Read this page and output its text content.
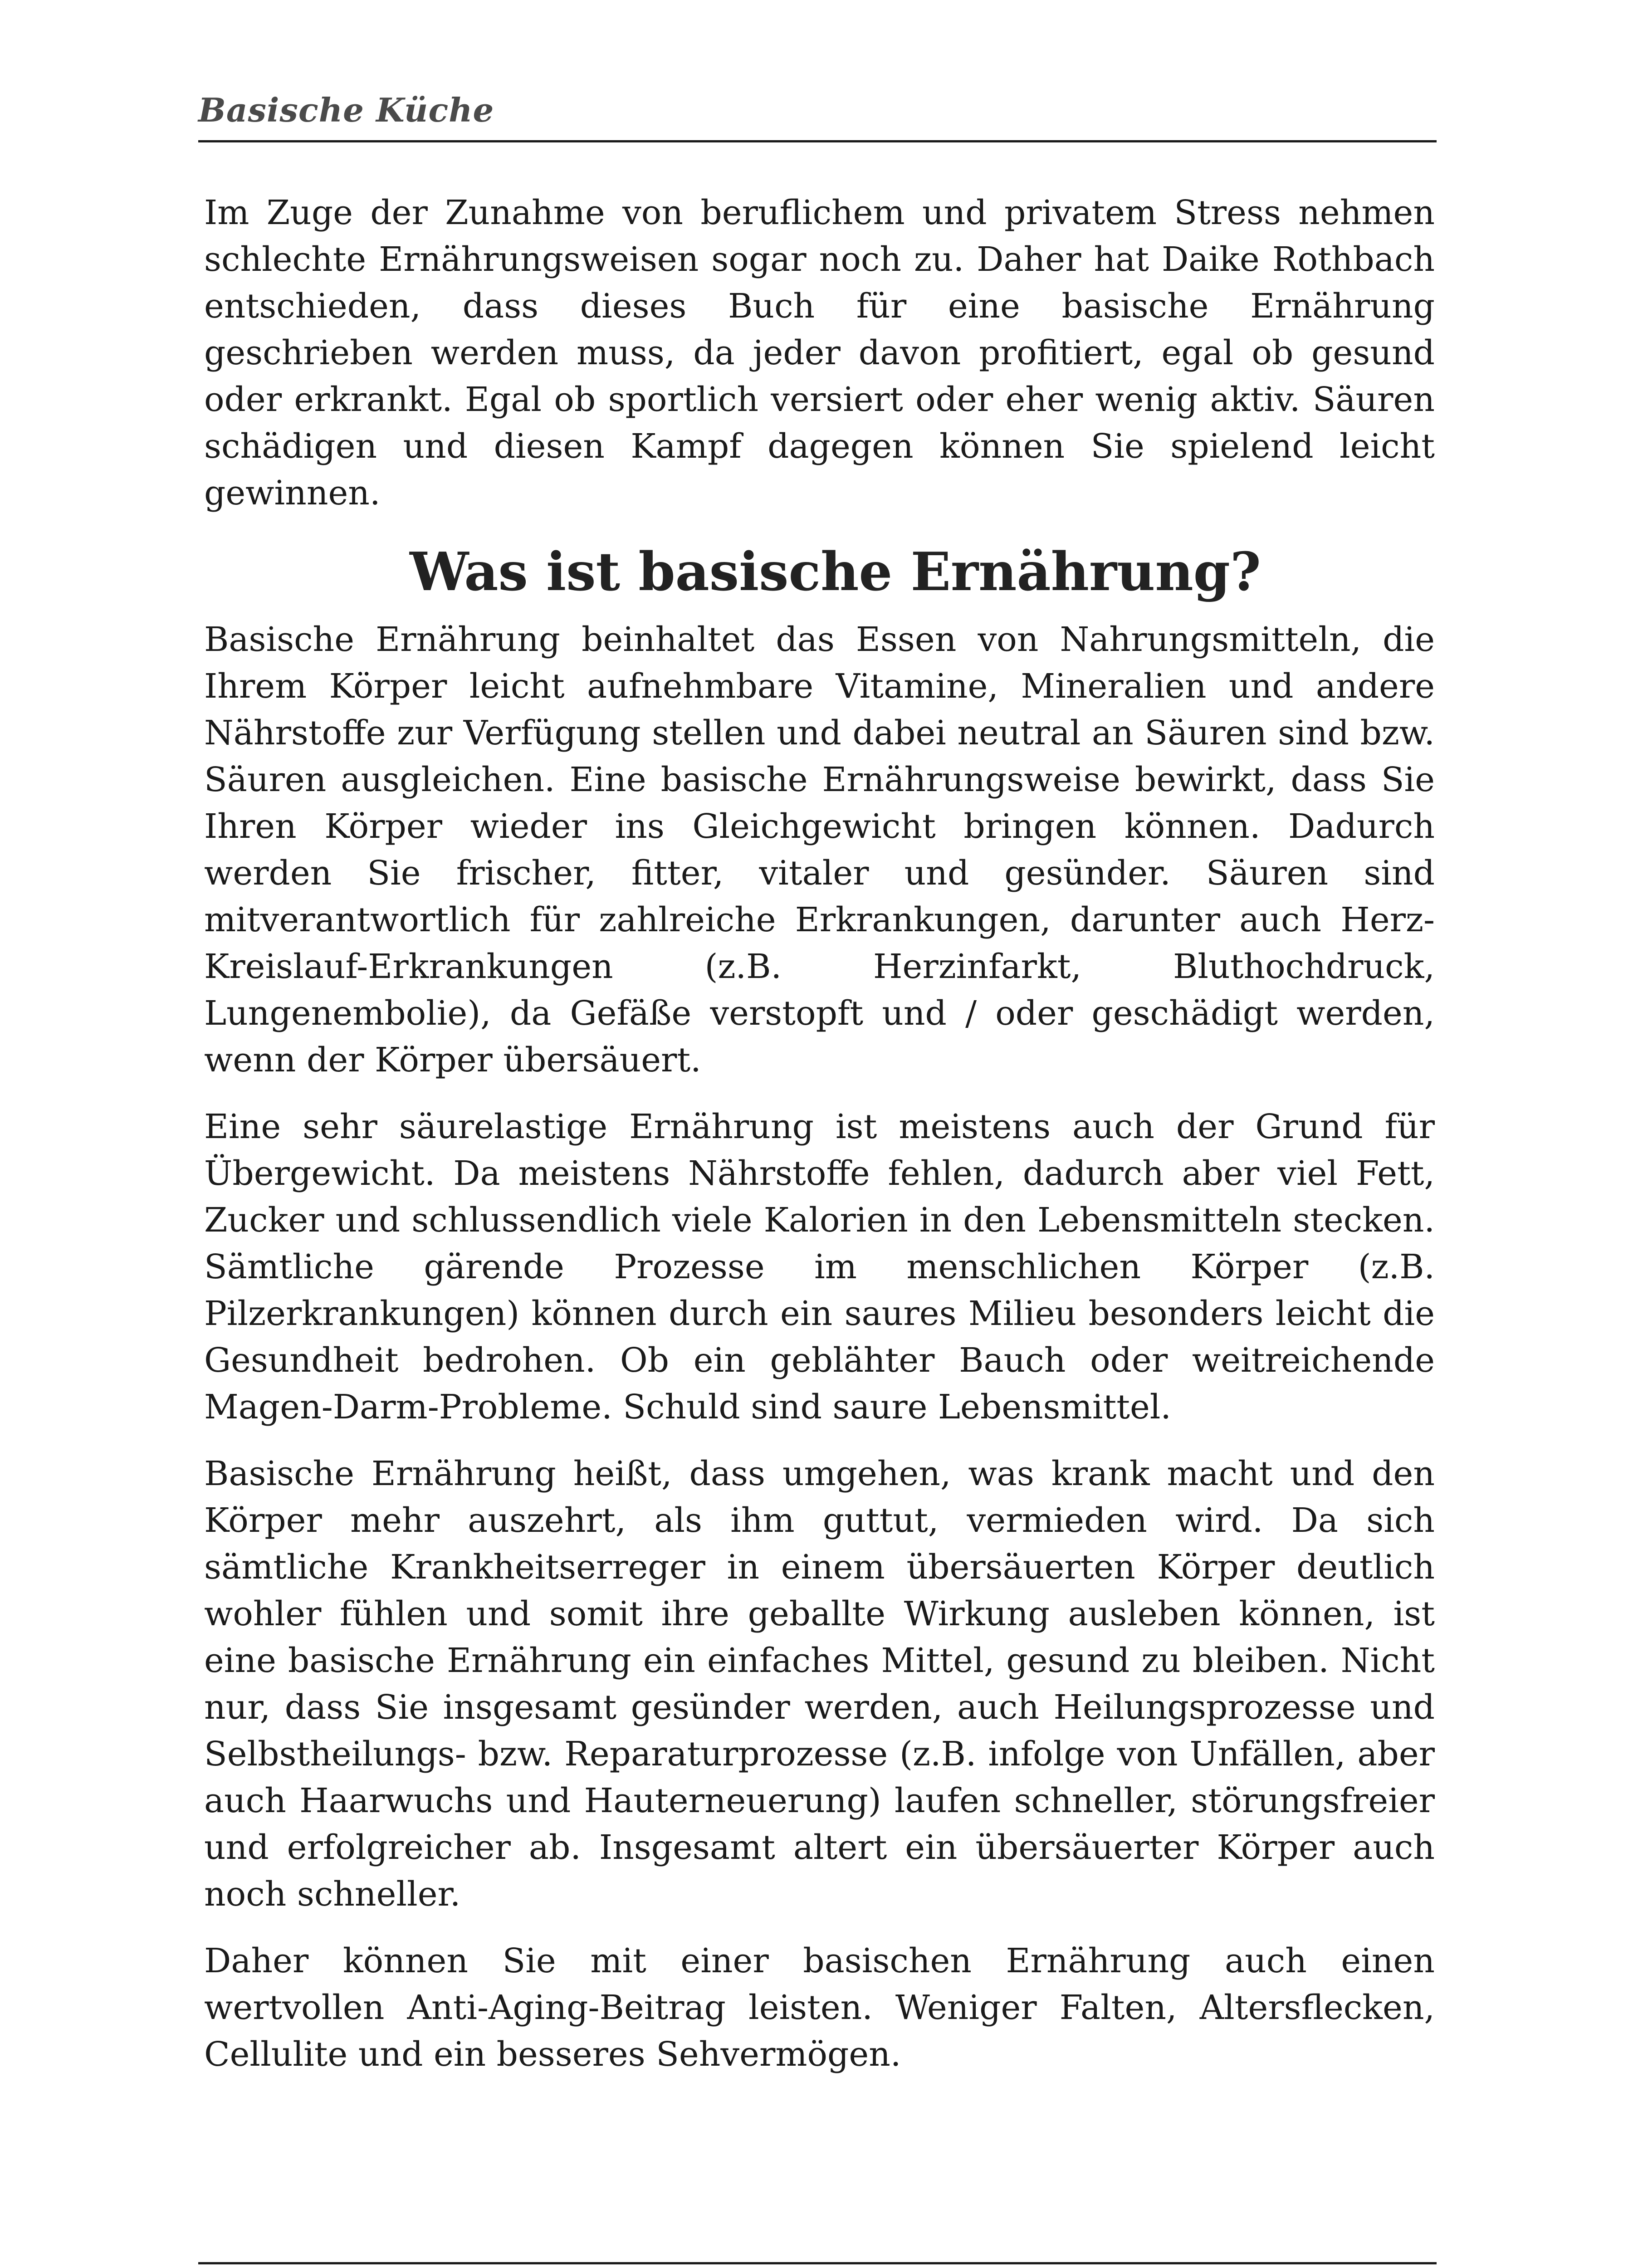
Basische Küche

Im Zuge der Zunahme von beruflichem und privatem Stress nehmen schlechte Ernährungsweisen sogar noch zu. Daher hat Daike Rothbach entschieden, dass dieses Buch für eine basische Ernährung geschrieben werden muss, da jeder davon profitiert, egal ob gesund oder erkrankt. Egal ob sportlich versiert oder eher wenig aktiv. Säuren schädigen und diesen Kampf dagegen können Sie spielend leicht gewinnen.

Was ist basische Ernährung?

Basische Ernährung beinhaltet das Essen von Nahrungsmitteln, die Ihrem Körper leicht aufnehmbare Vitamine, Mineralien und andere Nährstoffe zur Verfügung stellen und dabei neutral an Säuren sind bzw. Säuren ausgleichen. Eine basische Ernährungsweise bewirkt, dass Sie Ihren Körper wieder ins Gleichgewicht bringen können. Dadurch werden Sie frischer, fitter, vitaler und gesünder. Säuren sind mitverantwortlich für zahlreiche Erkrankungen, darunter auch Herz-Kreislauf-Erkrankungen (z.B. Herzinfarkt, Bluthochdruck, Lungenembolie), da Gefäße verstopft und / oder geschädigt werden, wenn der Körper übersäuert.

Eine sehr säurelastige Ernährung ist meistens auch der Grund für Übergewicht. Da meistens Nährstoffe fehlen, dadurch aber viel Fett, Zucker und schlussendlich viele Kalorien in den Lebensmitteln stecken. Sämtliche gärende Prozesse im menschlichen Körper (z.B. Pilzerkrankungen) können durch ein saures Milieu besonders leicht die Gesundheit bedrohen. Ob ein geblähter Bauch oder weitreichende Magen-Darm-Probleme. Schuld sind saure Lebensmittel.

Basische Ernährung heißt, dass umgehen, was krank macht und den Körper mehr auszehrt, als ihm guttut, vermieden wird. Da sich sämtliche Krankheitserreger in einem übersäuerten Körper deutlich wohler fühlen und somit ihre geballte Wirkung ausleben können, ist eine basische Ernährung ein einfaches Mittel, gesund zu bleiben. Nicht nur, dass Sie insgesamt gesünder werden, auch Heilungsprozesse und Selbstheilungs- bzw. Reparaturprozesse (z.B. infolge von Unfällen, aber auch Haarwuchs und Hauterneuerung) laufen schneller, störungsfreier und erfolgreicher ab. Insgesamt altert ein übersäuerter Körper auch noch schneller.

Daher können Sie mit einer basischen Ernährung auch einen wertvollen Anti-Aging-Beitrag leisten. Weniger Falten, Altersflecken, Cellulite und ein besseres Sehvermögen.
